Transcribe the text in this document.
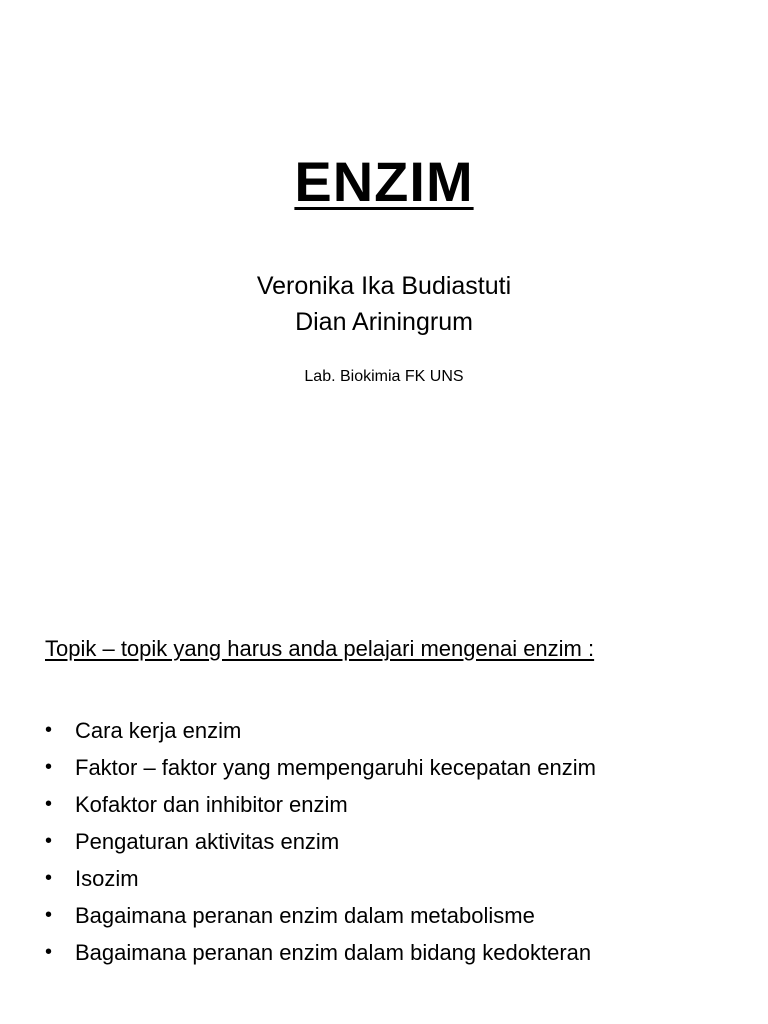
ENZIM
Veronika Ika Budiastuti
Dian Ariningrum
Lab. Biokimia FK UNS
Topik – topik yang harus anda pelajari mengenai enzim :
• Cara kerja enzim
• Faktor – faktor yang mempengaruhi kecepatan enzim
• Kofaktor dan inhibitor enzim
• Pengaturan aktivitas enzim
• Isozim
• Bagaimana peranan enzim dalam metabolisme
• Bagaimana peranan enzim dalam bidang kedokteran
